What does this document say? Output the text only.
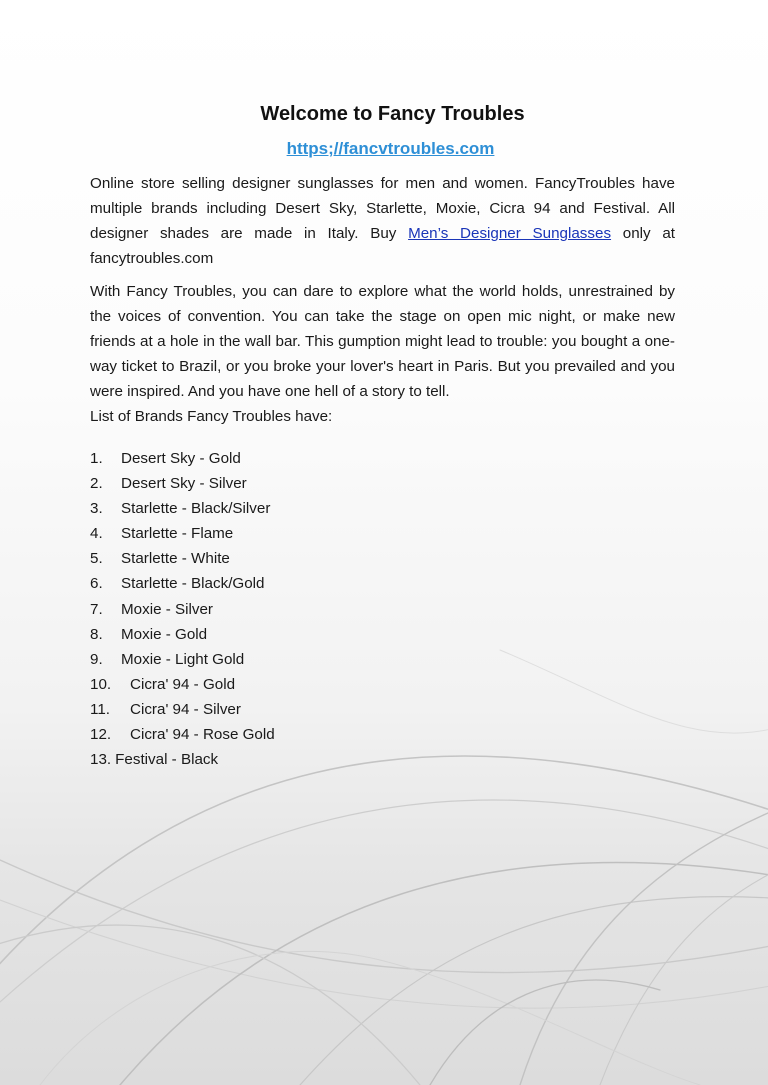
Welcome to Fancy Troubles
https;//fancvtroubles.com

Online store selling designer sunglasses for men and women. FancyTroubles have multiple brands including Desert Sky, Starlette, Moxie, Cicra 94 and Festival. All designer shades are made in Italy. Buy Men’s Designer Sunglasses only at fancytroubles.com

With Fancy Troubles, you can dare to explore what the world holds, unrestrained by the voices of convention. You can take the stage on open mic night, or make new friends at a hole in the wall bar. This gumption might lead to trouble: you bought a one-way ticket to Brazil, or you broke your lover's heart in Paris. But you prevailed and you were inspired. And you have one hell of a story to tell.

List of Brands Fancy Troubles have:

1. Desert Sky - Gold
2. Desert Sky - Silver
3. Starlette - Black/Silver
4. Starlette - Flame
5. Starlette - White
6. Starlette - Black/Gold
7. Moxie - Silver
8. Moxie - Gold
9. Moxie - Light Gold
10. Cicra' 94 - Gold
11. Cicra' 94 - Silver
12. Cicra' 94 - Rose Gold
13. Festival - Black
